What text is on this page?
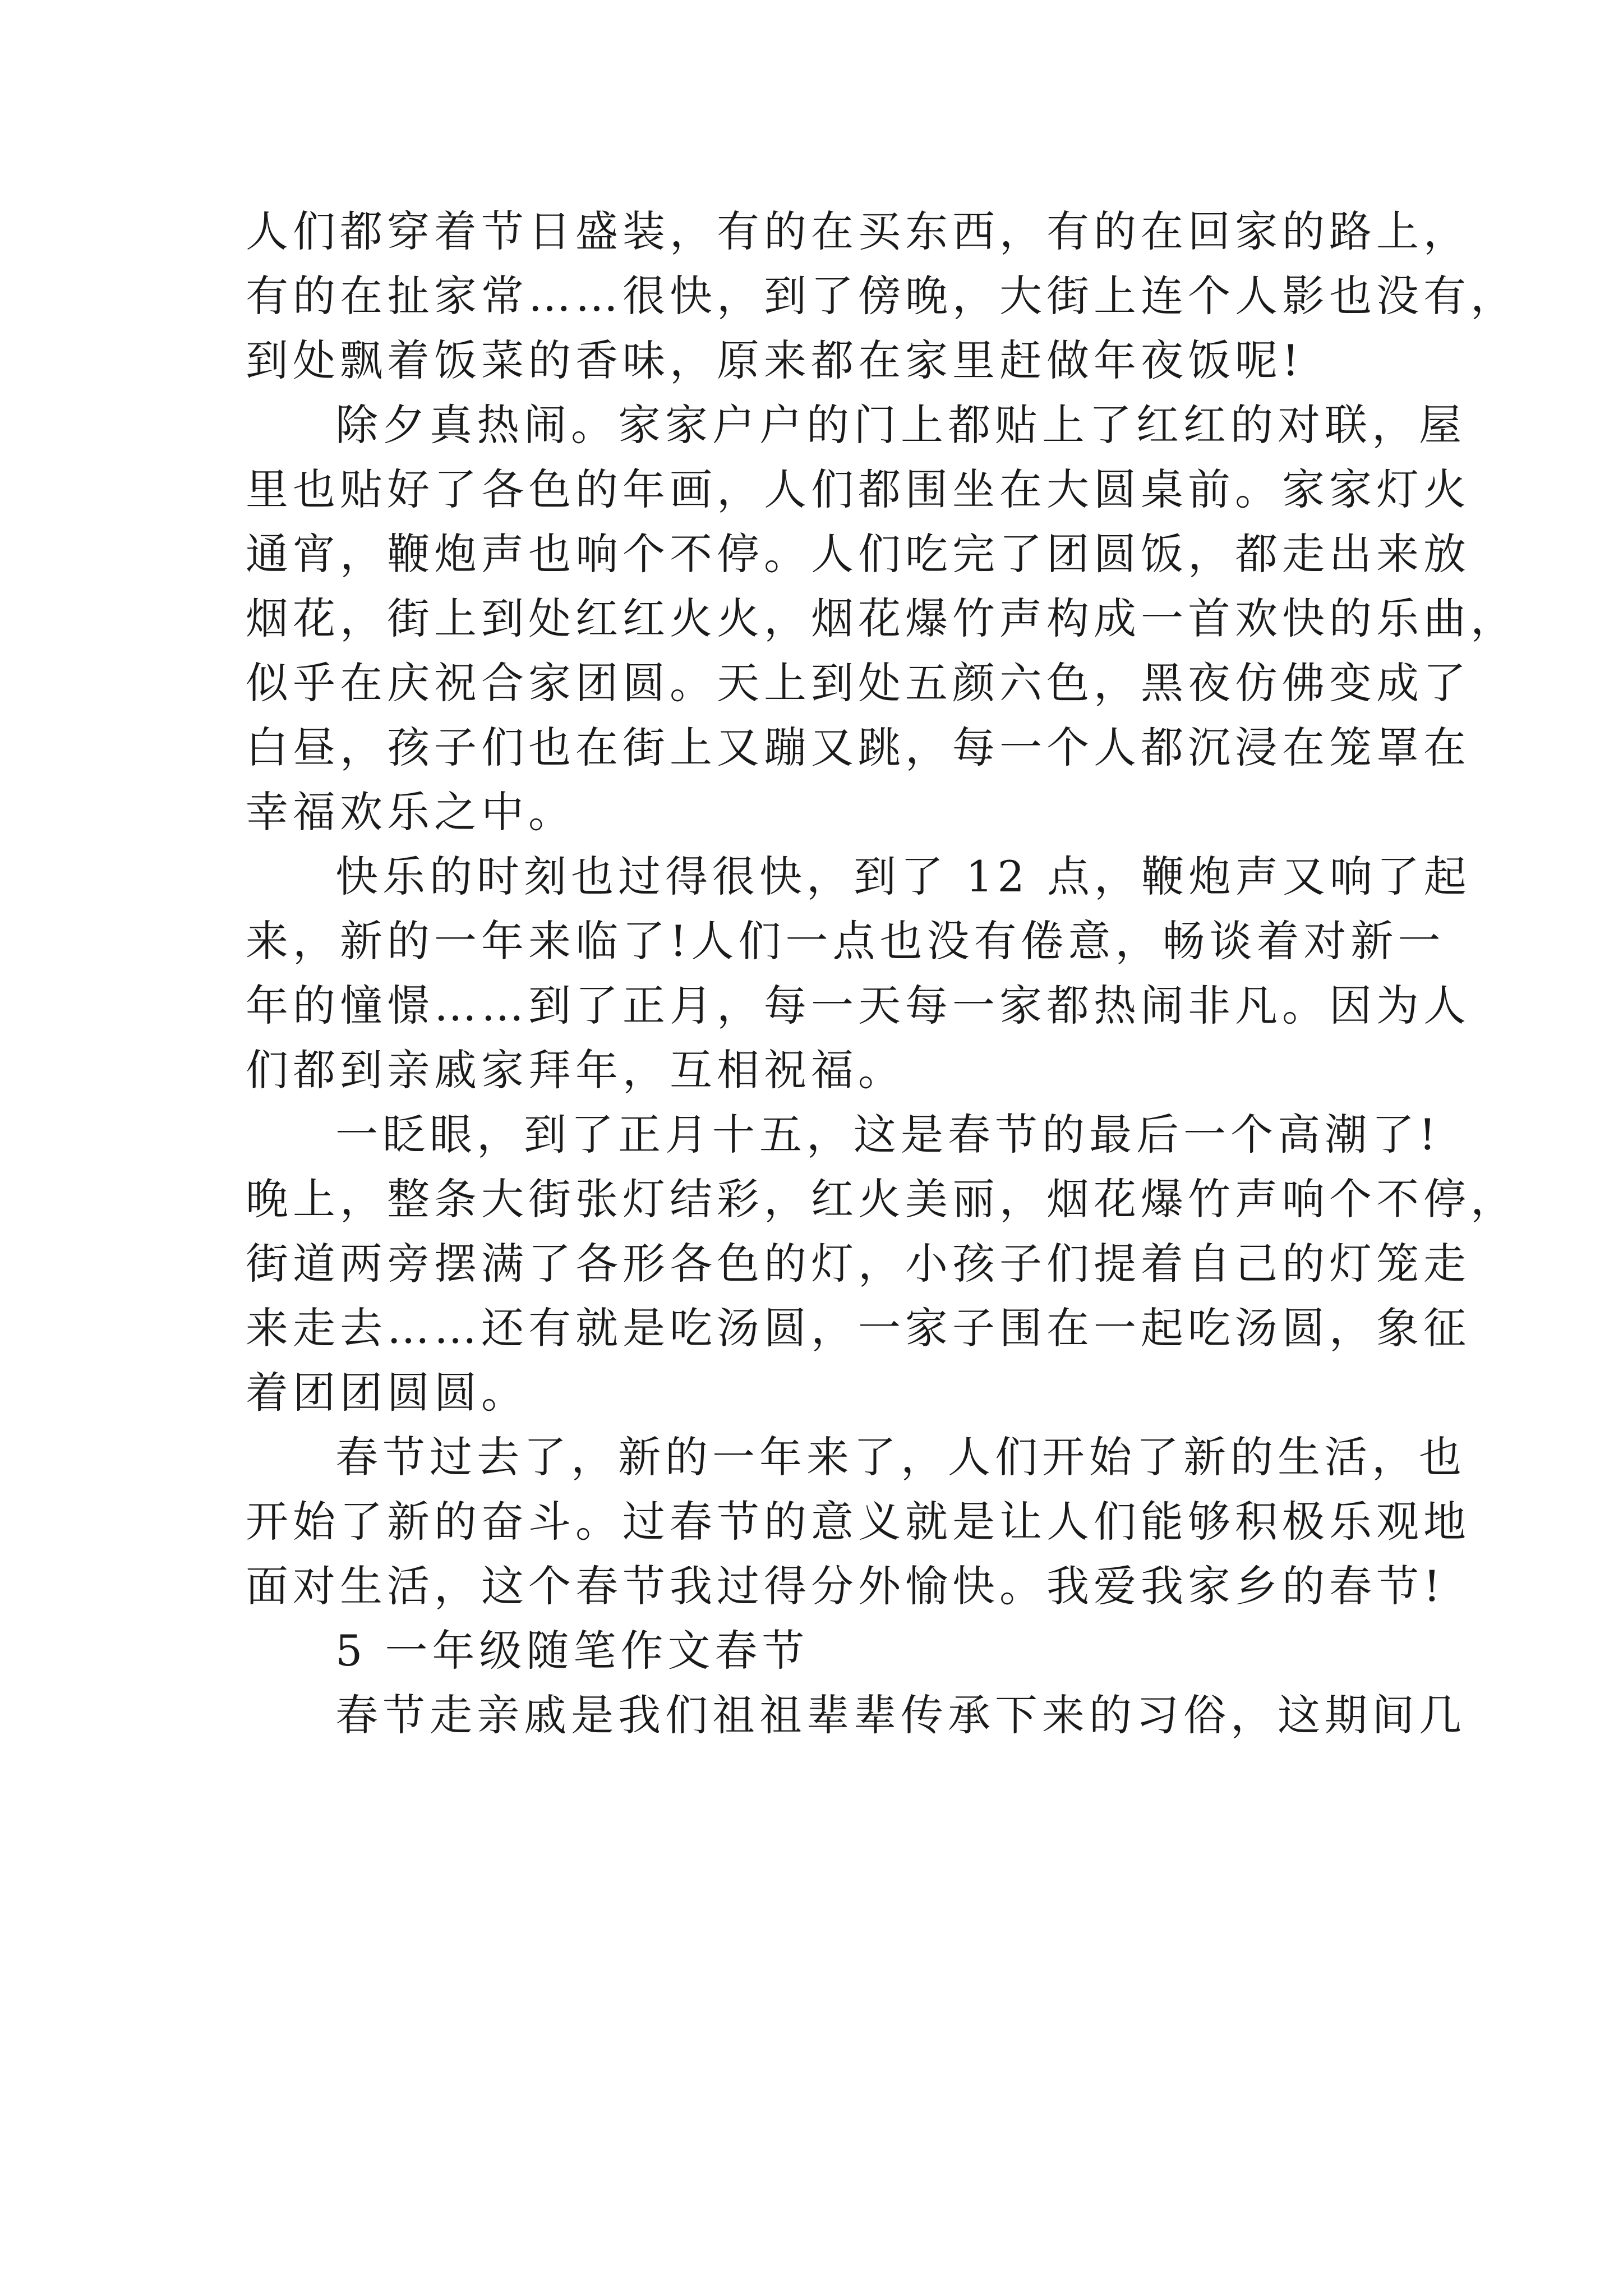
人们都穿着节日盛装，有的在买东西，有的在回家的路上，
有的在扯家常……很快，到了傍晚，大街上连个人影也没有，
到处飘着饭菜的香味，原来都在家里赶做年夜饭呢!
除夕真热闹。家家户户的门上都贴上了红红的对联，屋
里也贴好了各色的年画，人们都围坐在大圆桌前。家家灯火
通宵，鞭炮声也响个不停。人们吃完了团圆饭，都走出来放
烟花，街上到处红红火火，烟花爆竹声构成一首欢快的乐曲，
似乎在庆祝合家团圆。天上到处五颜六色，黑夜仿佛变成了
白昼，孩子们也在街上又蹦又跳，每一个人都沉浸在笼罩在
幸福欢乐之中。
快乐的时刻也过得很快，到了 12 点，鞭炮声又响了起
来，新的一年来临了!人们一点也没有倦意，畅谈着对新一
年的憧憬……到了正月，每一天每一家都热闹非凡。因为人
们都到亲戚家拜年，互相祝福。
一眨眼，到了正月十五，这是春节的最后一个高潮了!
晚上，整条大街张灯结彩，红火美丽，烟花爆竹声响个不停，
街道两旁摆满了各形各色的灯，小孩子们提着自己的灯笼走
来走去……还有就是吃汤圆，一家子围在一起吃汤圆，象征
着团团圆圆。
春节过去了，新的一年来了，人们开始了新的生活，也
开始了新的奋斗。过春节的意义就是让人们能够积极乐观地
面对生活，这个春节我过得分外愉快。我爱我家乡的春节!
5 一年级随笔作文春节
春节走亲戚是我们祖祖辈辈传承下来的习俗，这期间几
